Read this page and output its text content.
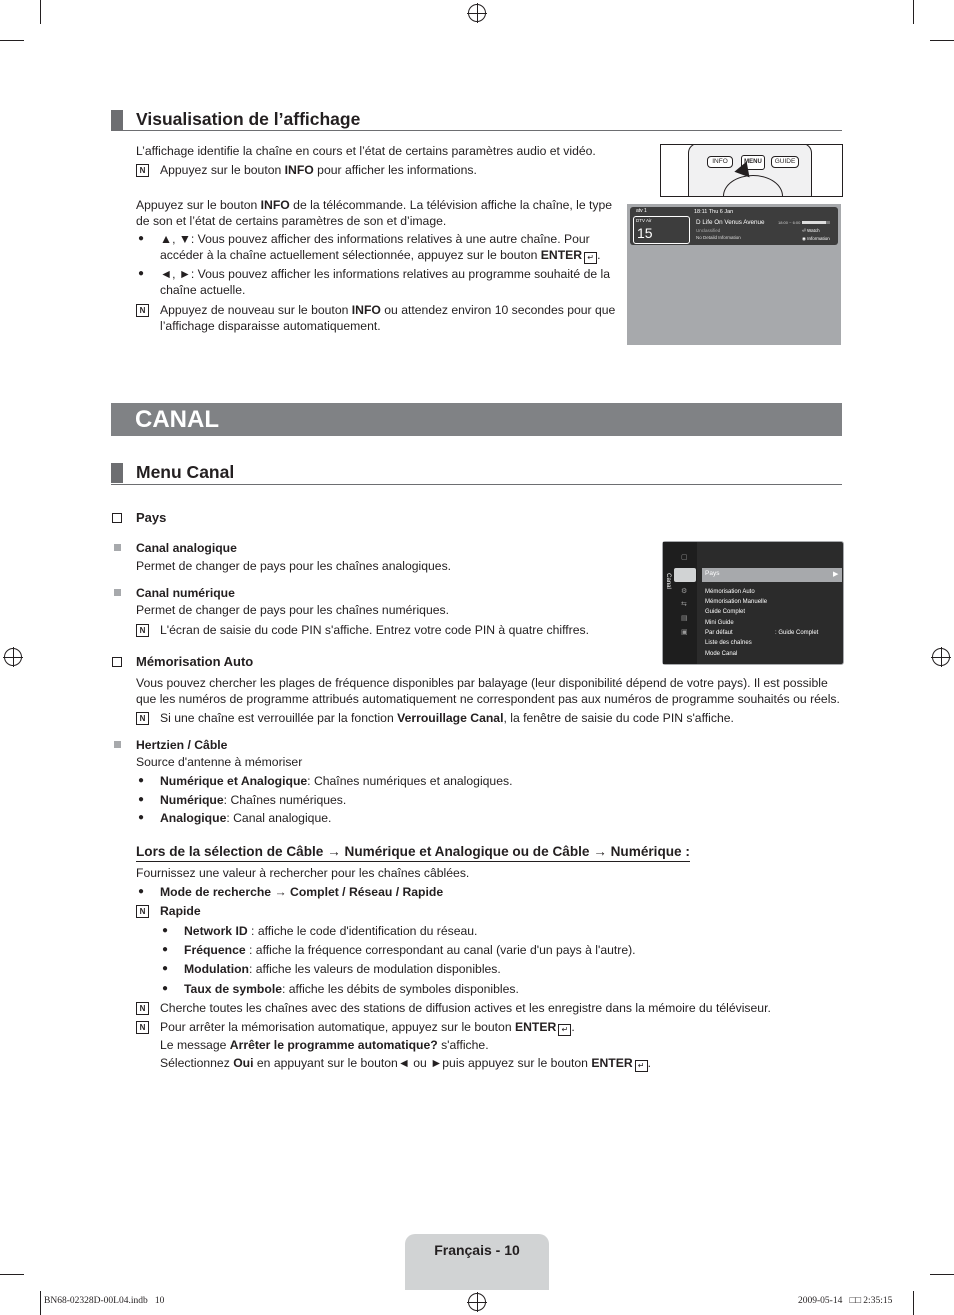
Visualisation de l’affichage
L’affichage identifie la chaîne en cours et l’état de certains paramètres audio et vidéo.
N Appuyez sur le bouton INFO pour afficher les informations.
Appuyez sur le bouton INFO de la télécommande. La télévision affiche la chaîne, le type
de son et l’état de certains paramètres de son et d’image.
● ▲, ▼: Vous pouvez afficher des informations relatives à une autre chaîne. Pour
accéder à la chaîne actuellement sélectionnée, appuyez sur le bouton ENTER ↵ .
● ◄, ►: Vous pouvez afficher les informations relatives au programme souhaité de la
chaîne actuelle.
N Appuyez de nouveau sur le bouton INFO ou attendez environ 10 secondes pour que
l’affichage disparaisse automatiquement.
INFO	MENU	GUIDE
atv 1	18:11 Thu 6 Jan
DTV Air
15
D Life On Venus Avenue
Unclassified
No Detaild Information
18:00 ~ 6:00
⏎ Watch
◉ Information
CANAL
Menu Canal
Pays
Canal analogique
Permet de changer de pays pour les chaînes analogiques.
Canal numérique
Permet de changer de pays pour les chaînes numériques.
N L'écran de saisie du code PIN s'affiche. Entrez votre code PIN à quatre chiffres.
Canal
▢
⚙
⇆
▤
▣
▶
Pays
Mémorisation Auto
Mémorisation Manuelle
Guide Complet
Mini Guide
Par défaut	: Guide Complet
Liste des chaînes
Mode Canal
Mémorisation Auto
Vous pouvez chercher les plages de fréquence disponibles par balayage (leur disponibilité dépend de votre pays). Il est possible
que les numéros de programme attribués automatiquement ne correspondent pas aux numéros de programme souhaités ou réels.
N Si une chaîne est verrouillée par la fonction Verrouillage Canal, la fenêtre de saisie du code PIN s'affiche.
Hertzien / Câble
Source d'antenne à mémoriser
● Numérique et Analogique: Chaînes numériques et analogiques.
● Numérique: Chaînes numériques.
● Analogique: Canal analogique.
Lors de la sélection de Câble → Numérique et Analogique ou de Câble → Numérique :
Fournissez une valeur à rechercher pour les chaînes câblées.
● Mode de recherche → Complet / Réseau / Rapide
N Rapide
● Network ID : affiche le code d'identification du réseau.
● Fréquence : affiche la fréquence correspondant au canal (varie d'un pays à l'autre).
● Modulation: affiche les valeurs de modulation disponibles.
● Taux de symbole: affiche les débits de symboles disponibles.
N Cherche toutes les chaînes avec des stations de diffusion actives et les enregistre dans la mémoire du téléviseur.
N Pour arrêter la mémorisation automatique, appuyez sur le bouton ENTER ↵ .
Le message Arrêter le programme automatique? s'affiche.
Sélectionnez Oui en appuyant sur le bouton◄ ou ►puis appuyez sur le bouton ENTER ↵ .
Français - 10
BN68-02328D-00L04.indb   10	2009-05-14   □□ 2:35:15
